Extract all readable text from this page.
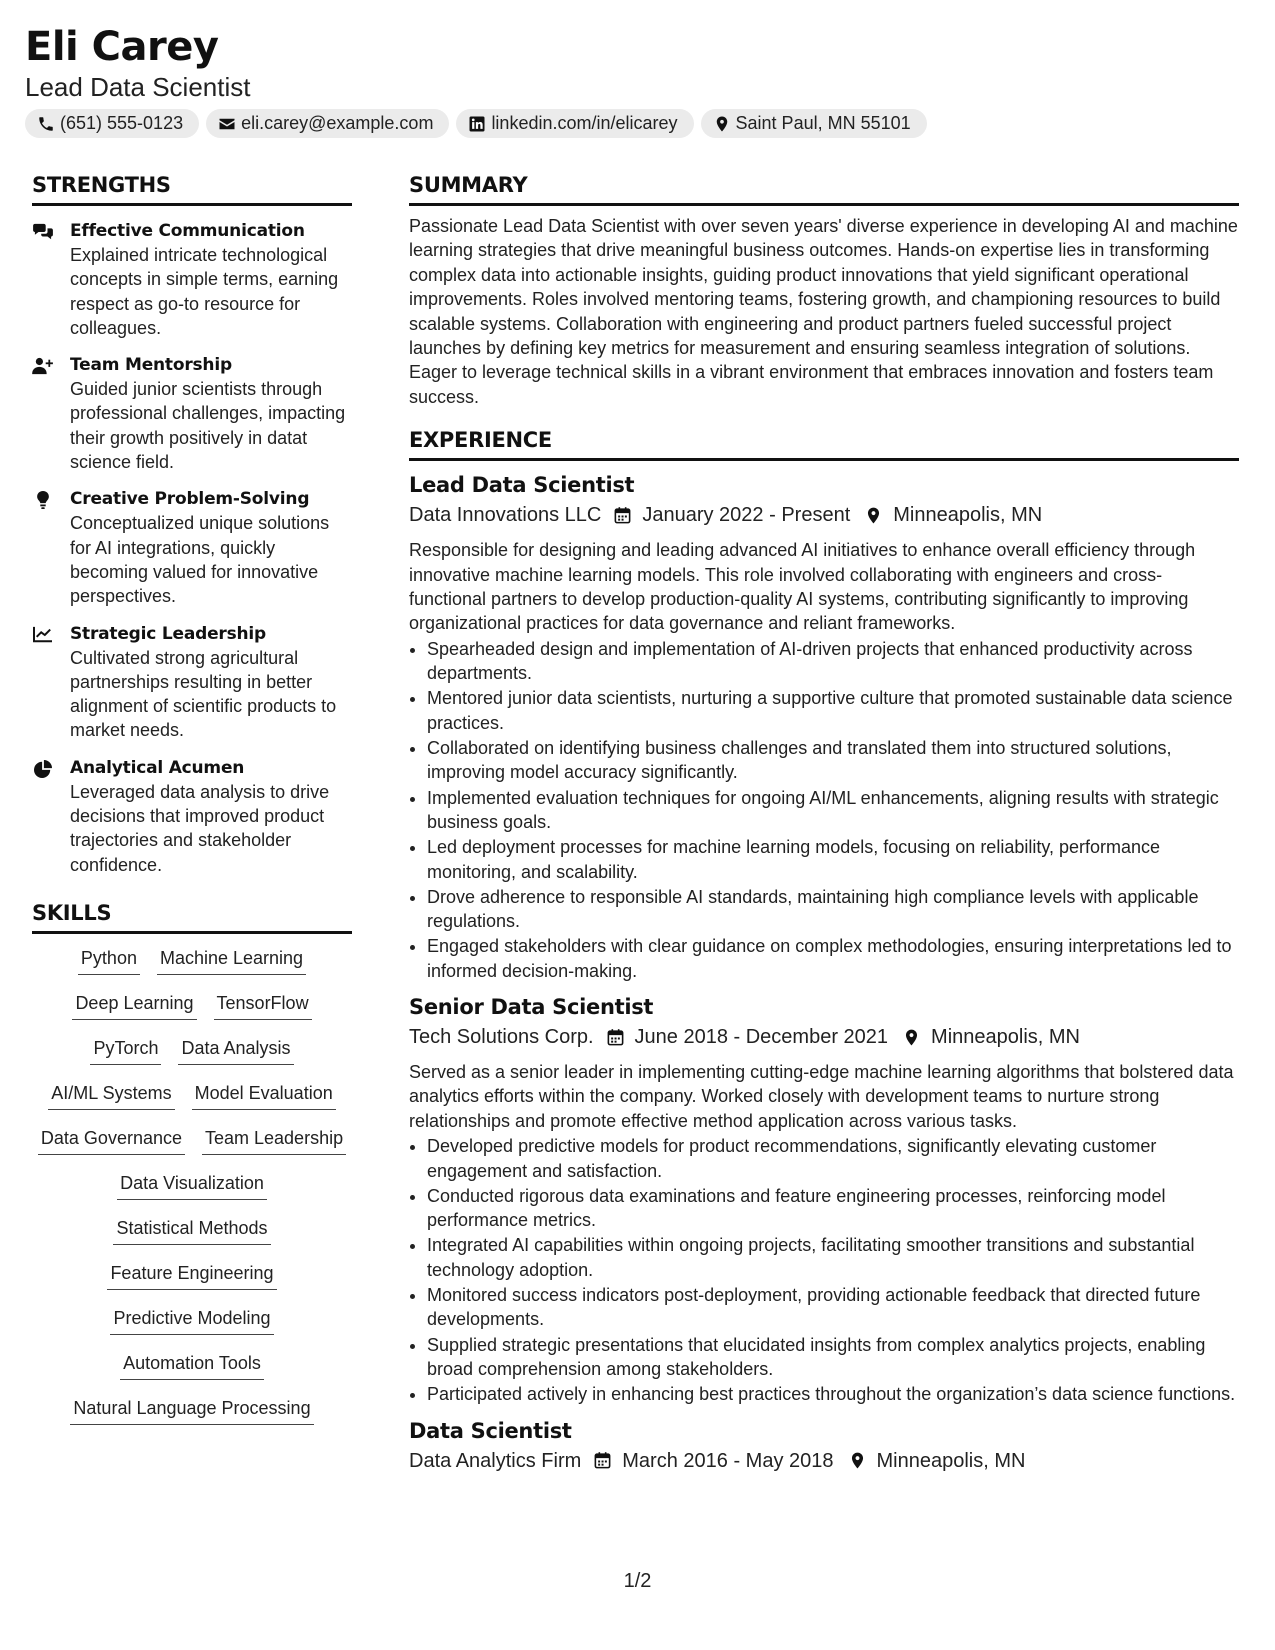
Eli Carey
Lead Data Scientist
(651) 555-0123	eli.carey@example.com	linkedin.com/in/elicarey	Saint Paul, MN 55101
STRENGTHS
Effective Communication
Explained intricate technological concepts in simple terms, earning respect as go-to resource for colleagues.
Team Mentorship
Guided junior scientists through professional challenges, impacting their growth positively in datat science field.
Creative Problem-Solving
Conceptualized unique solutions for AI integrations, quickly becoming valued for innovative perspectives.
Strategic Leadership
Cultivated strong agricultural partnerships resulting in better alignment of scientific products to market needs.
Analytical Acumen
Leveraged data analysis to drive decisions that improved product trajectories and stakeholder confidence.
SKILLS
Python Machine Learning
Deep Learning TensorFlow
PyTorch Data Analysis
AI/ML Systems Model Evaluation
Data Governance Team Leadership
Data Visualization
Statistical Methods
Feature Engineering
Predictive Modeling
Automation Tools
Natural Language Processing
SUMMARY
Passionate Lead Data Scientist with over seven years' diverse experience in developing AI and machine learning strategies that drive meaningful business outcomes. Hands-on expertise lies in transforming complex data into actionable insights, guiding product innovations that yield significant operational improvements. Roles involved mentoring teams, fostering growth, and championing resources to build scalable systems. Collaboration with engineering and product partners fueled successful project launches by defining key metrics for measurement and ensuring seamless integration of solutions. Eager to leverage technical skills in a vibrant environment that embraces innovation and fosters team success.
EXPERIENCE
Lead Data Scientist
Data Innovations LLC January 2022 - Present Minneapolis, MN
Responsible for designing and leading advanced AI initiatives to enhance overall efficiency through innovative machine learning models. This role involved collaborating with engineers and cross-functional partners to develop production-quality AI systems, contributing significantly to improving organizational practices for data governance and reliant frameworks.
• Spearheaded design and implementation of AI-driven projects that enhanced productivity across departments.
• Mentored junior data scientists, nurturing a supportive culture that promoted sustainable data science practices.
• Collaborated on identifying business challenges and translated them into structured solutions, improving model accuracy significantly.
• Implemented evaluation techniques for ongoing AI/ML enhancements, aligning results with strategic business goals.
• Led deployment processes for machine learning models, focusing on reliability, performance monitoring, and scalability.
• Drove adherence to responsible AI standards, maintaining high compliance levels with applicable regulations.
• Engaged stakeholders with clear guidance on complex methodologies, ensuring interpretations led to informed decision-making.
Senior Data Scientist
Tech Solutions Corp. June 2018 - December 2021 Minneapolis, MN
Served as a senior leader in implementing cutting-edge machine learning algorithms that bolstered data analytics efforts within the company. Worked closely with development teams to nurture strong relationships and promote effective method application across various tasks.
• Developed predictive models for product recommendations, significantly elevating customer engagement and satisfaction.
• Conducted rigorous data examinations and feature engineering processes, reinforcing model performance metrics.
• Integrated AI capabilities within ongoing projects, facilitating smoother transitions and substantial technology adoption.
• Monitored success indicators post-deployment, providing actionable feedback that directed future developments.
• Supplied strategic presentations that elucidated insights from complex analytics projects, enabling broad comprehension among stakeholders.
• Participated actively in enhancing best practices throughout the organization’s data science functions.
Data Scientist
Data Analytics Firm March 2016 - May 2018 Minneapolis, MN
1/2
